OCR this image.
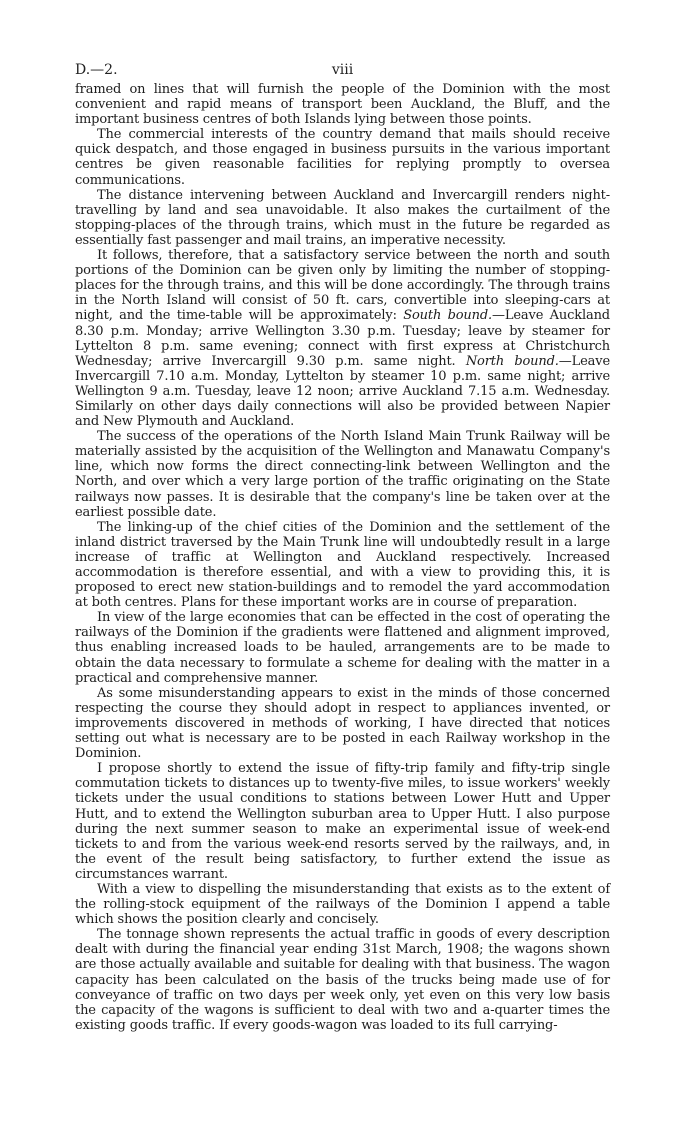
D.—2.	viii

framed on lines that will furnish the people of the Dominion with the most convenient and rapid means of transport been Auckland, the Bluff, and the important business centres of both Islands lying between those points.

The commercial interests of the country demand that mails should receive quick despatch, and those engaged in business pursuits in the various important centres be given reasonable facilities for replying promptly to oversea communications.

The distance intervening between Auckland and Invercargill renders night-travelling by land and sea unavoidable. It also makes the curtailment of the stopping-places of the through trains, which must in the future be regarded as essentially fast passenger and mail trains, an imperative necessity.

It follows, therefore, that a satisfactory service between the north and south portions of the Dominion can be given only by limiting the number of stopping-places for the through trains, and this will be done accordingly. The through trains in the North Island will consist of 50 ft. cars, convertible into sleeping-cars at night, and the time-table will be approximately: South bound.—Leave Auckland 8.30 p.m. Monday; arrive Wellington 3.30 p.m. Tuesday; leave by steamer for Lyttelton 8 p.m. same evening; connect with first express at Christchurch Wednesday; arrive Invercargill 9.30 p.m. same night. North bound.—Leave Invercargill 7.10 a.m. Monday, Lyttelton by steamer 10 p.m. same night; arrive Wellington 9 a.m. Tuesday, leave 12 noon; arrive Auckland 7.15 a.m. Wednesday. Similarly on other days daily connections will also be provided between Napier and New Plymouth and Auckland.

The success of the operations of the North Island Main Trunk Railway will be materially assisted by the acquisition of the Wellington and Manawatu Company's line, which now forms the direct connecting-link between Wellington and the North, and over which a very large portion of the traffic originating on the State railways now passes. It is desirable that the company's line be taken over at the earliest possible date.

The linking-up of the chief cities of the Dominion and the settlement of the inland district traversed by the Main Trunk line will undoubtedly result in a large increase of traffic at Wellington and Auckland respectively. Increased accommodation is therefore essential, and with a view to providing this, it is proposed to erect new station-buildings and to remodel the yard accommodation at both centres. Plans for these important works are in course of preparation.

In view of the large economies that can be effected in the cost of operating the railways of the Dominion if the gradients were flattened and alignment improved, thus enabling increased loads to be hauled, arrangements are to be made to obtain the data necessary to formulate a scheme for dealing with the matter in a practical and comprehensive manner.

As some misunderstanding appears to exist in the minds of those concerned respecting the course they should adopt in respect to appliances invented, or improvements discovered in methods of working, I have directed that notices setting out what is necessary are to be posted in each Railway workshop in the Dominion.

I propose shortly to extend the issue of fifty-trip family and fifty-trip single commutation tickets to distances up to twenty-five miles, to issue workers' weekly tickets under the usual conditions to stations between Lower Hutt and Upper Hutt, and to extend the Wellington suburban area to Upper Hutt. I also purpose during the next summer season to make an experimental issue of week-end tickets to and from the various week-end resorts served by the railways, and, in the event of the result being satisfactory, to further extend the issue as circumstances warrant.

With a view to dispelling the misunderstanding that exists as to the extent of the rolling-stock equipment of the railways of the Dominion I append a table which shows the position clearly and concisely.

The tonnage shown represents the actual traffic in goods of every description dealt with during the financial year ending 31st March, 1908; the wagons shown are those actually available and suitable for dealing with that business. The wagon capacity has been calculated on the basis of the trucks being made use of for conveyance of traffic on two days per week only, yet even on this very low basis the capacity of the wagons is sufficient to deal with two and a-quarter times the existing goods traffic. If every goods-wagon was loaded to its full carrying-
